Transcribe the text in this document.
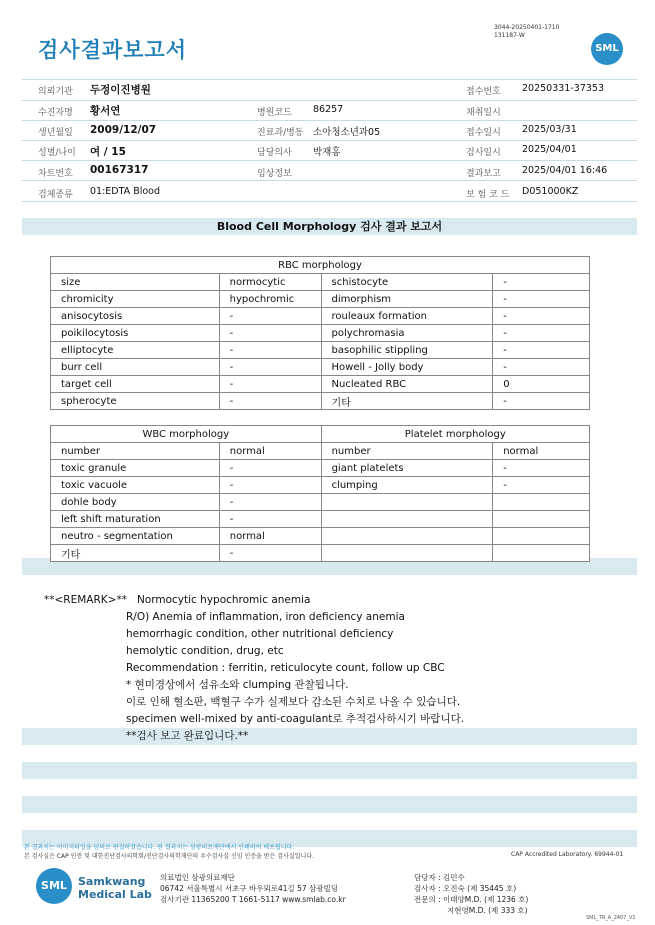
검사결과보고서
3044-20250401-1710
131187-W
SML
의뢰기관 두정이진병원	접수번호 20250331-37353
수진자명 황서연	병원코드 86257	채취일시
생년월일 2009/12/07	진료과/병동 소아청소년과05	접수일시 2025/03/31
성별/나이 여 / 15	담당의사 박재홍	검사일시 2025/04/01
차트번호 00167317	임상정보	결과보고 2025/04/01 16:46
검체종류 01:EDTA Blood	보 험 코 드 D051000KZ
Blood Cell Morphology 검사 결과 보고서
RBC morphology			
size	normocytic	schistocyte	-
chromicity	hypochromic	dimorphism	-
anisocytosis	-	rouleaux formation	-
poikilocytosis	-	polychromasia	-
elliptocyte	-	basophilic stippling	-
burr cell	-	Howell - Jolly body	-
target cell	-	Nucleated RBC	0
spherocyte	-	기타	-
WBC morphology		Platelet morphology	
number	normal	number	normal
toxic granule	-	giant platelets	-
toxic vacuole	-	clumping	-
dohle body	-		
left shift maturation	-		
neutro - segmentation	normal		
기타	-		
**<REMARK>** Normocytic hypochromic anemia
R/O) Anemia of inflammation, iron deficiency anemia
hemorrhagic condition, other nutritional deficiency
hemolytic condition, drug, etc
Recommendation : ferritin, reticulocyte count, follow up CBC
* 현미경상에서 섬유소와 clumping 관찰됩니다.
이로 인해 혈소판, 백혈구 수가 실제보다 감소된 수치로 나올 수 있습니다.
specimen well-mixed by anti-coagulant로 추적검사하시기 바랍니다.
**검사 보고 완료입니다.**
본 결과지는 이미지파일을 임의로 편집하였습니다. 원 결과지는 삼광의료재단에서 인쇄하여 배포됩니다.
본 검사실은 CAP 인증 및 대한진단검사의학회/진단검사의학재단의 우수검사실 신임 인증을 받은 검사실입니다.	CAP Accredited Laboratory. 69944-01
SML	Samkwang
Medical Lab
의료법인 삼광의료재단
06742 서울특별시 서초구 바우뫼로41길 57 삼광빌딩
검사기관 11365200 T 1661-5117 www.smlab.co.kr
담당자 : 김민수
검사자 : 오진숙 (제 35445 호)
전문의 : 이태양M.D. (제 1236 호)
지현영M.D. (제 333 호)
SML_TR_A_2407_V1
